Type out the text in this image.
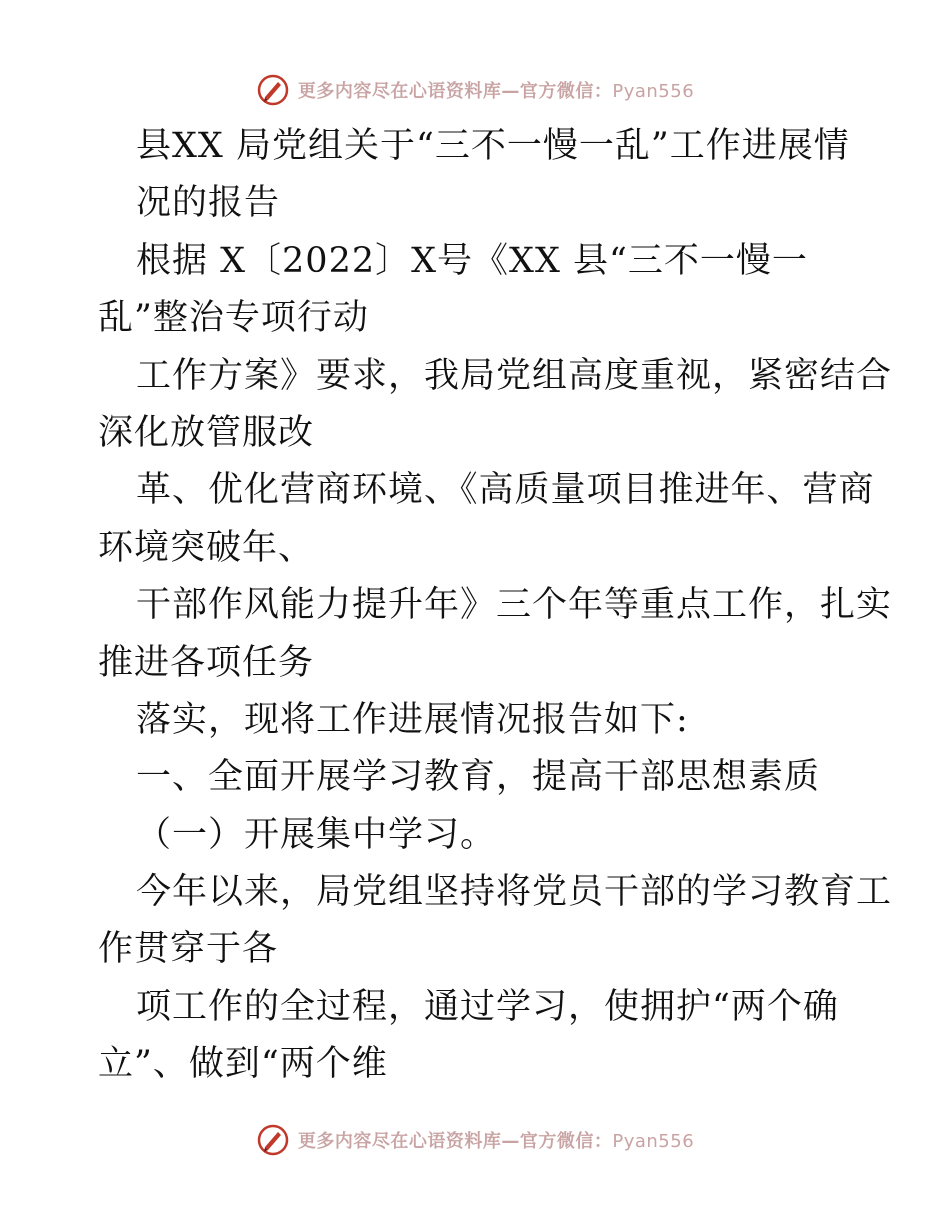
更多内容尽在心语资料库—官方微信：Pyan556
县XX 局党组关于“三不一慢一乱”工作进展情
况的报告
根据 X〔2022〕X号《XX 县“三不一慢一
乱”整治专项行动
工作方案》要求，我局党组高度重视，紧密结合
深化放管服改
革、优化营商环境、《高质量项目推进年、营商
环境突破年、
干部作风能力提升年》三个年等重点工作，扎实
推进各项任务
落实，现将工作进展情况报告如下:
一、全面开展学习教育，提高干部思想素质
（一）开展集中学习。
今年以来，局党组坚持将党员干部的学习教育工
作贯穿于各
项工作的全过程，通过学习，使拥护“两个确
立”、做到“两个维
更多内容尽在心语资料库—官方微信：Pyan556
